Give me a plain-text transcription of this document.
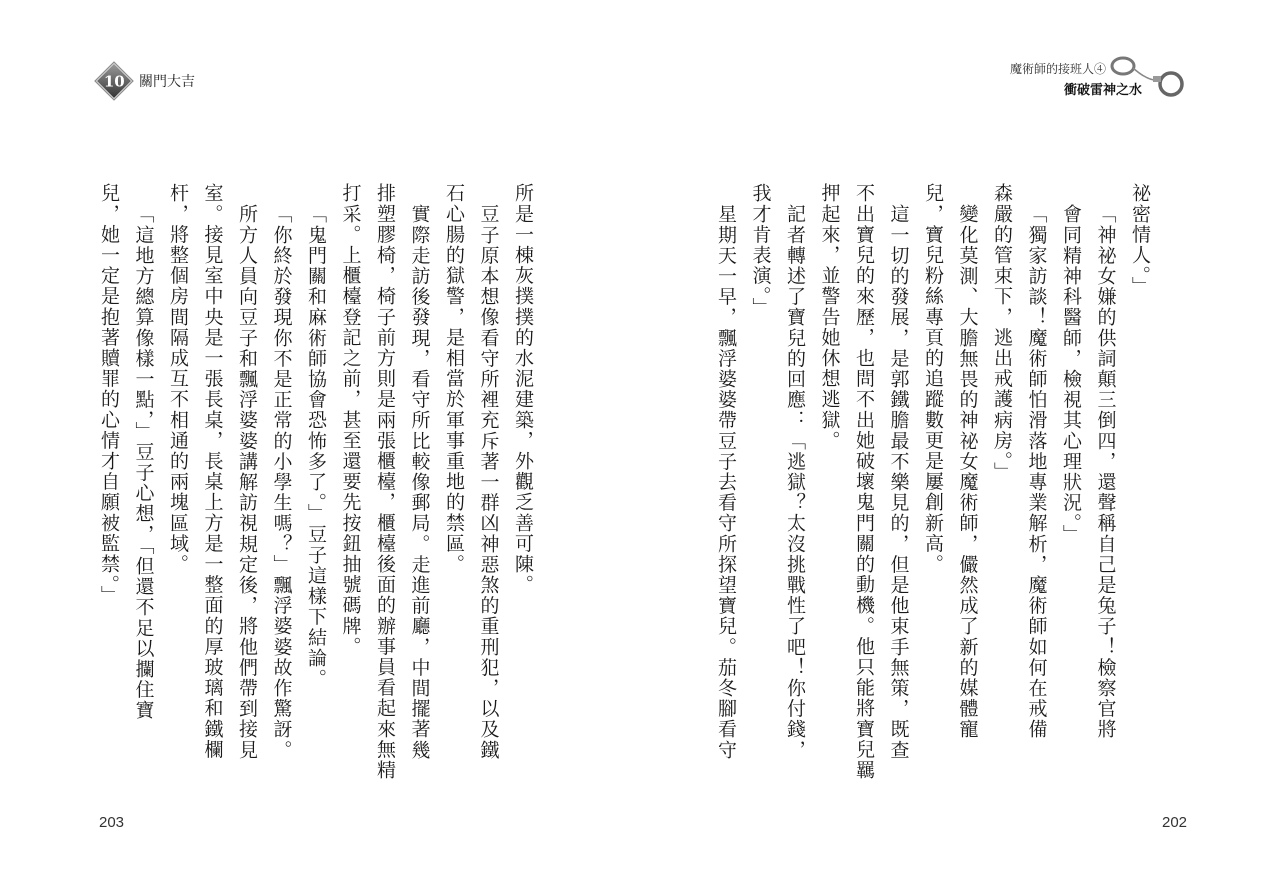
10 關門大吉
所是一棟灰撲撲的水泥建築，外觀乏善可陳。
豆子原本想像看守所裡充斥著一群凶神惡煞的重刑犯，以及鐵
石心腸的獄警，是相當於軍事重地的禁區。
實際走訪後發現，看守所比較像郵局。走進前廳，中間擺著幾
排塑膠椅，椅子前方則是兩張櫃檯，櫃檯後面的辦事員看起來無精
打采。上櫃檯登記之前，甚至還要先按鈕抽號碼牌。
「鬼門關和麻術師協會恐怖多了。」豆子這樣下結論。
「你終於發現你不是正常的小學生嗎？」飄浮婆婆故作驚訝。
所方人員向豆子和飄浮婆婆講解訪視規定後，將他們帶到接見
室。接見室中央是一張長桌，長桌上方是一整面的厚玻璃和鐵欄
杆，將整個房間隔成互不相通的兩塊區域。
「這地方總算像樣一點，」豆子心想，「但還不足以攔住寶
兒，她一定是抱著贖罪的心情才自願被監禁。」
203
魔術師的接班人④
衝破雷神之水
祕密情人。」
「神祕女嫌的供詞顛三倒四，還聲稱自己是兔子！檢察官將
會同精神科醫師，檢視其心理狀況。」
「獨家訪談！魔術師怕滑落地專業解析，魔術師如何在戒備
森嚴的管束下，逃出戒護病房。」
變化莫測、大膽無畏的神祕女魔術師，儼然成了新的媒體寵
兒，寶兒粉絲專頁的追蹤數更是屢創新高。
這一切的發展，是郭鐵膽最不樂見的，但是他束手無策，既查
不出寶兒的來歷，也問不出她破壞鬼門關的動機。他只能將寶兒羈
押起來，並警告她休想逃獄。
記者轉述了寶兒的回應：「逃獄？太沒挑戰性了吧！你付錢，
我才肯表演。」
星期天一早，飄浮婆婆帶豆子去看守所探望寶兒。茄冬腳看守
202
